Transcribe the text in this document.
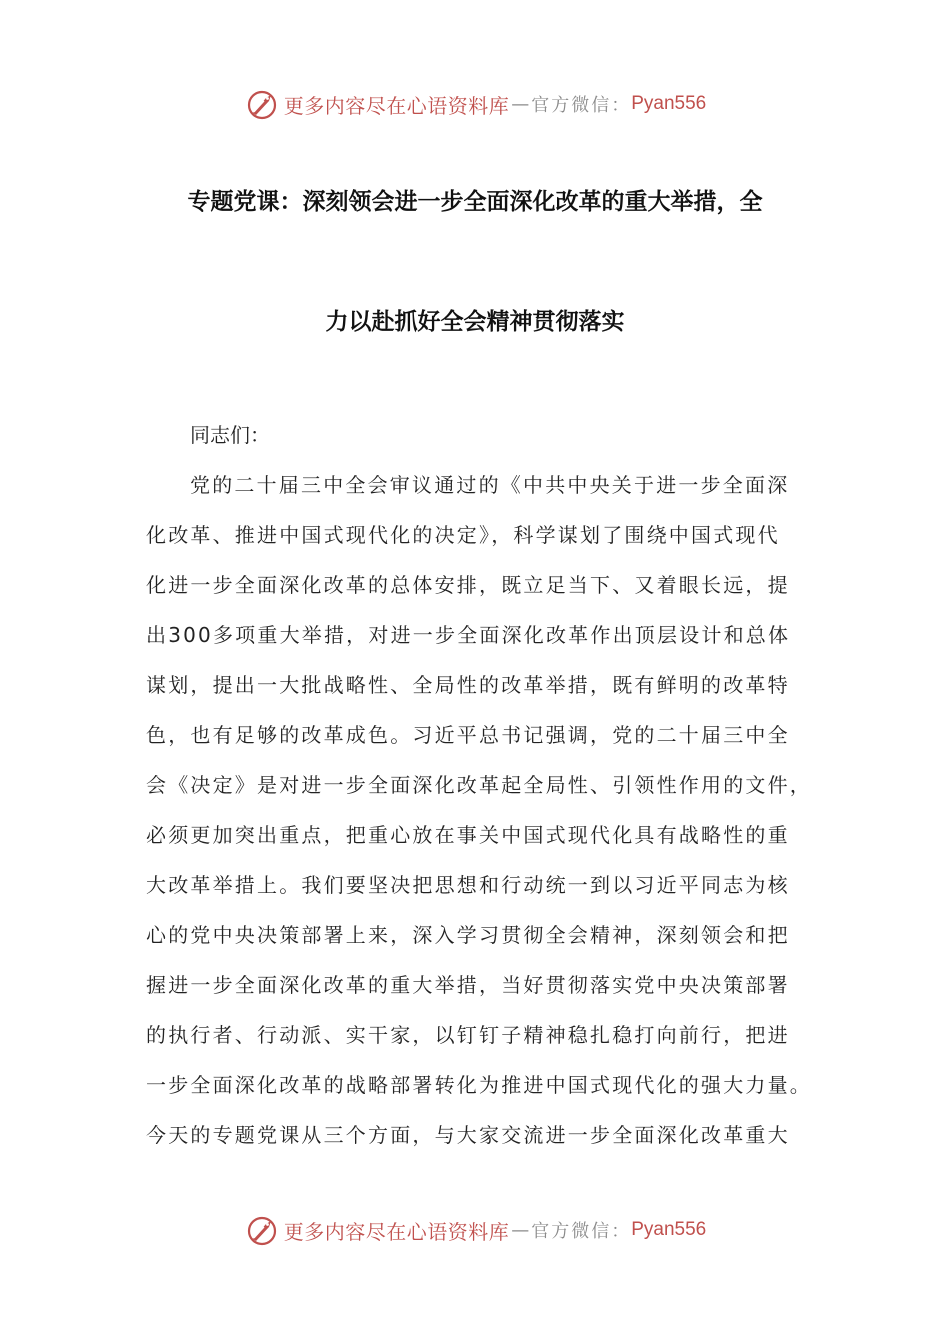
更多内容尽在心语资料库 — 官方微信： Pyan556
专题党课：深刻领会进一步全面深化改革的重大举措，全
力以赴抓好全会精神贯彻落实

同志们：

党的二十届三中全会审议通过的《中共中央关于进一步全面深

化改革、推进中国式现代化的决定》，科学谋划了围绕中国式现代

化进一步全面深化改革的总体安排，既立足当下、又着眼长远，提

出300多项重大举措，对进一步全面深化改革作出顶层设计和总体

谋划，提出一大批战略性、全局性的改革举措，既有鲜明的改革特

色，也有足够的改革成色。习近平总书记强调，党的二十届三中全

会《决定》是对进一步全面深化改革起全局性、引领性作用的文件，

必须更加突出重点，把重心放在事关中国式现代化具有战略性的重

大改革举措上。我们要坚决把思想和行动统一到以习近平同志为核

心的党中央决策部署上来，深入学习贯彻全会精神，深刻领会和把

握进一步全面深化改革的重大举措，当好贯彻落实党中央决策部署

的执行者、行动派、实干家，以钉钉子精神稳扎稳打向前行，把进

一步全面深化改革的战略部署转化为推进中国式现代化的强大力量。

今天的专题党课从三个方面，与大家交流进一步全面深化改革重大

更多内容尽在心语资料库 — 官方微信： Pyan556
